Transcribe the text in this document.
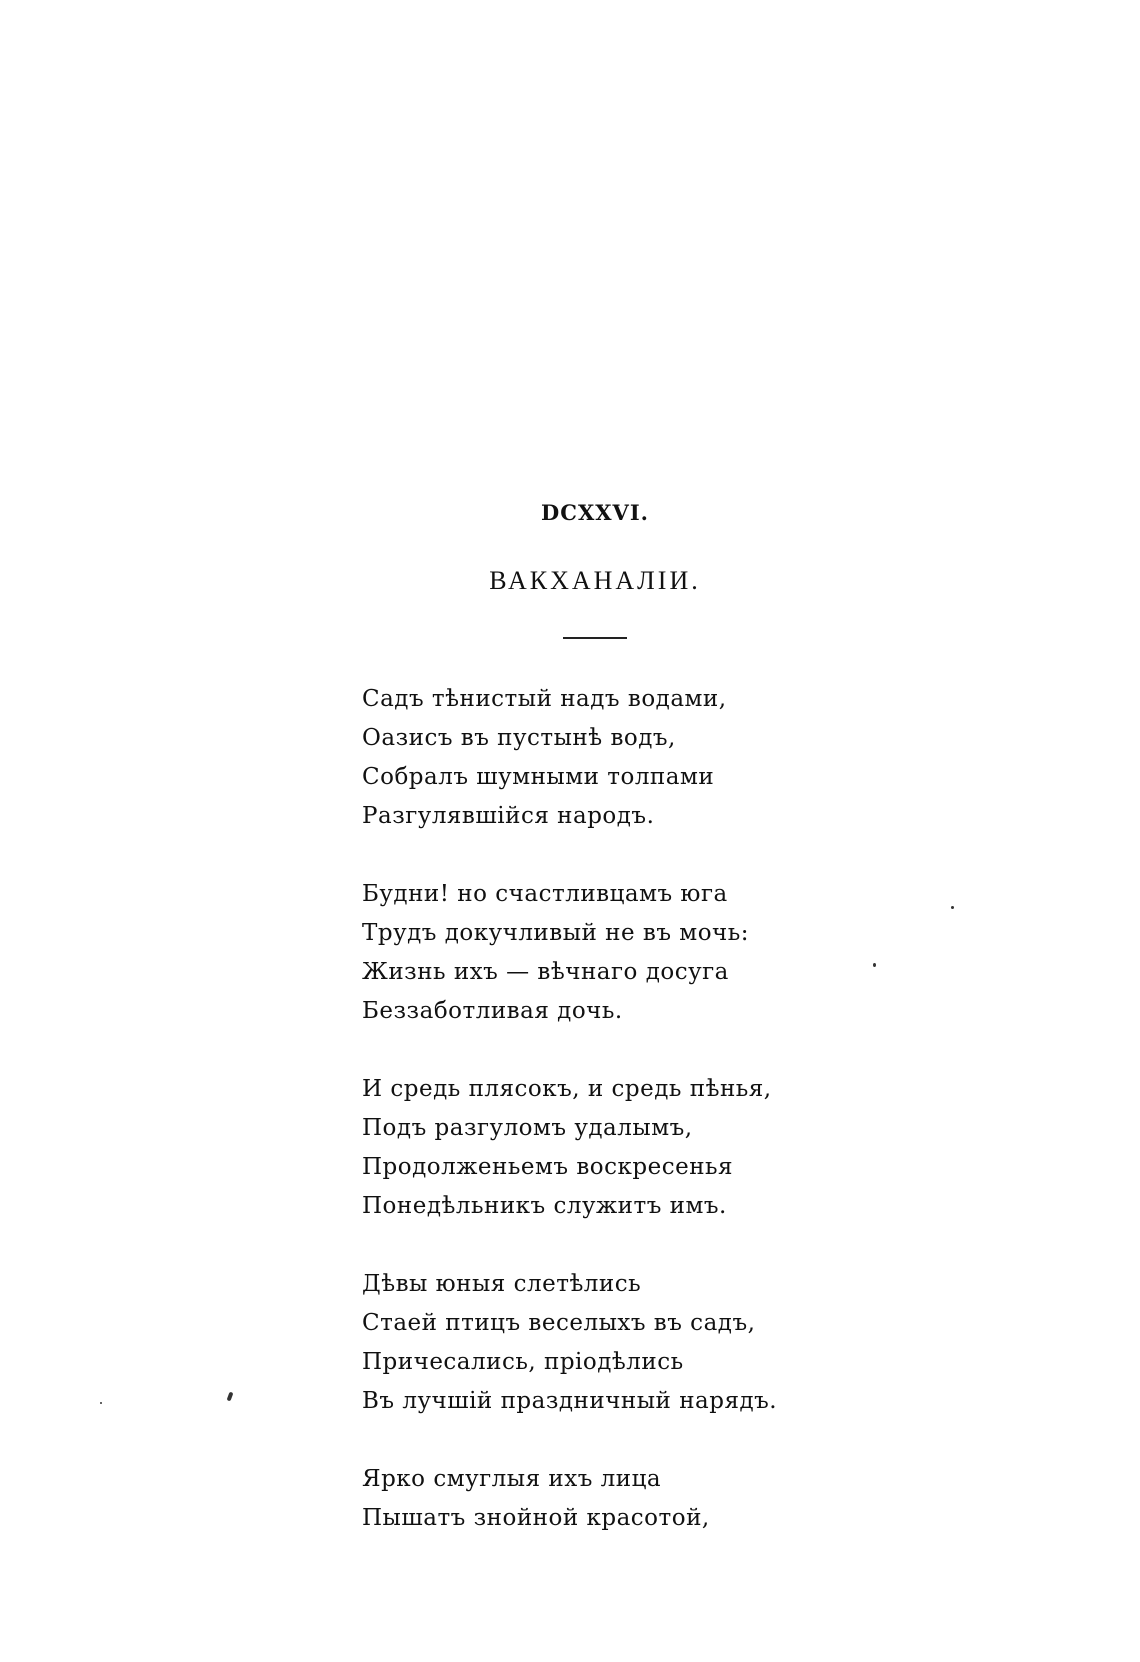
DCXXVI.
ВАКХАНАЛІИ.
Садъ тѣнистый надъ водами,
Оазисъ въ пустынѣ водъ,
Собралъ шумными толпами
Разгулявшійся народъ.
Будни! но счастливцамъ юга
Трудъ докучливый не въ мочь:
Жизнь ихъ — вѣчнаго досуга
Беззаботливая дочь.
И средь плясокъ, и средь пѣнья,
Подъ разгуломъ удалымъ,
Продолженьемъ воскресенья
Понедѣльникъ служитъ имъ.
Дѣвы юныя слетѣлись
Стаей птицъ веселыхъ въ садъ,
Причесались, пріодѣлись
Въ лучшій праздничный нарядъ.
Ярко смуглыя ихъ лица
Пышатъ знойной красотой,
